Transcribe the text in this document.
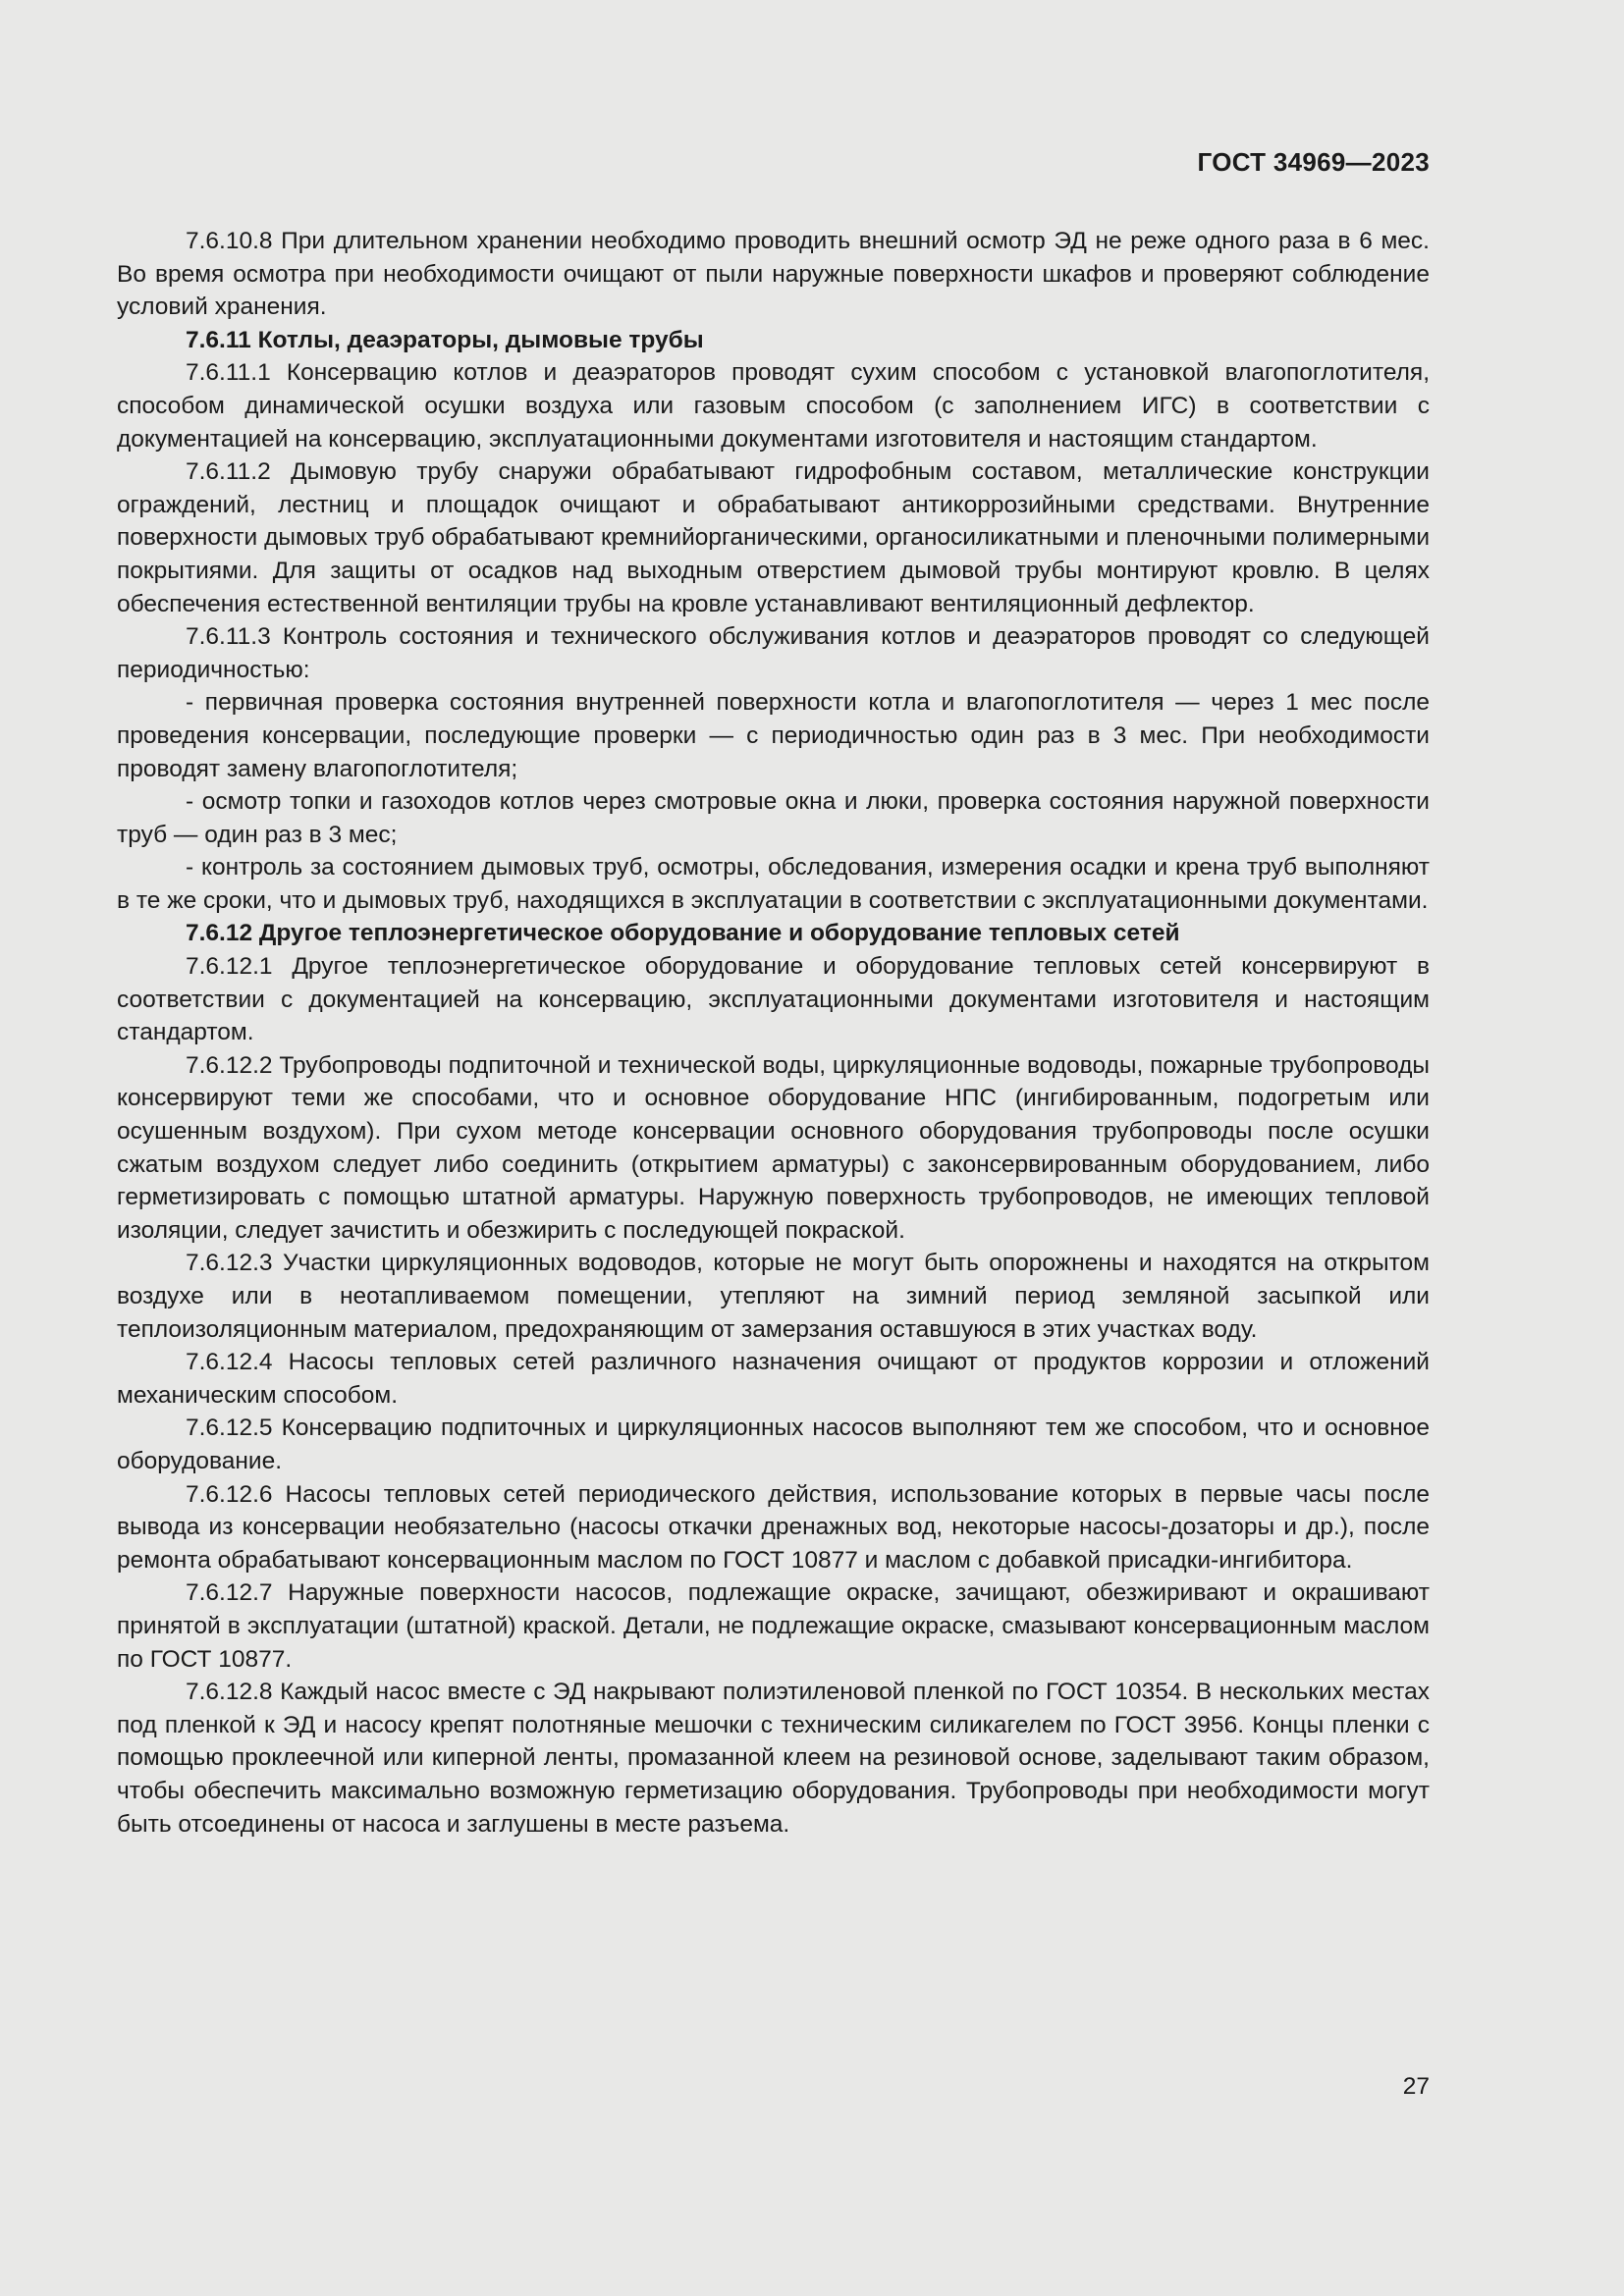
ГОСТ 34969—2023

7.6.10.8 При длительном хранении необходимо проводить внешний осмотр ЭД не реже одного раза в 6 мес. Во время осмотра при необходимости очищают от пыли наружные поверхности шкафов и проверяют соблюдение условий хранения.

7.6.11 Котлы, деаэраторы, дымовые трубы

7.6.11.1 Консервацию котлов и деаэраторов проводят сухим способом с установкой влагопоглотителя, способом динамической осушки воздуха или газовым способом (с заполнением ИГС) в соответствии с документацией на консервацию, эксплуатационными документами изготовителя и настоящим стандартом.

7.6.11.2 Дымовую трубу снаружи обрабатывают гидрофобным составом, металлические конструкции ограждений, лестниц и площадок очищают и обрабатывают антикоррозийными средствами. Внутренние поверхности дымовых труб обрабатывают кремнийорганическими, органосиликатными и пленочными полимерными покрытиями. Для защиты от осадков над выходным отверстием дымовой трубы монтируют кровлю. В целях обеспечения естественной вентиляции трубы на кровле устанавливают вентиляционный дефлектор.

7.6.11.3 Контроль состояния и технического обслуживания котлов и деаэраторов проводят со следующей периодичностью:

- первичная проверка состояния внутренней поверхности котла и влагопоглотителя — через 1 мес после проведения консервации, последующие проверки — с периодичностью один раз в 3 мес. При необходимости проводят замену влагопоглотителя;

- осмотр топки и газоходов котлов через смотровые окна и люки, проверка состояния наружной поверхности труб — один раз в 3 мес;

- контроль за состоянием дымовых труб, осмотры, обследования, измерения осадки и крена труб выполняют в те же сроки, что и дымовых труб, находящихся в эксплуатации в соответствии с эксплуатационными документами.

7.6.12 Другое теплоэнергетическое оборудование и оборудование тепловых сетей

7.6.12.1 Другое теплоэнергетическое оборудование и оборудование тепловых сетей консервируют в соответствии с документацией на консервацию, эксплуатационными документами изготовителя и настоящим стандартом.

7.6.12.2 Трубопроводы подпиточной и технической воды, циркуляционные водоводы, пожарные трубопроводы консервируют теми же способами, что и основное оборудование НПС (ингибированным, подогретым или осушенным воздухом). При сухом методе консервации основного оборудования трубопроводы после осушки сжатым воздухом следует либо соединить (открытием арматуры) с законсервированным оборудованием, либо герметизировать с помощью штатной арматуры. Наружную поверхность трубопроводов, не имеющих тепловой изоляции, следует зачистить и обезжирить с последующей покраской.

7.6.12.3 Участки циркуляционных водоводов, которые не могут быть опорожнены и находятся на открытом воздухе или в неотапливаемом помещении, утепляют на зимний период земляной засыпкой или теплоизоляционным материалом, предохраняющим от замерзания оставшуюся в этих участках воду.

7.6.12.4 Насосы тепловых сетей различного назначения очищают от продуктов коррозии и отложений механическим способом.

7.6.12.5 Консервацию подпиточных и циркуляционных насосов выполняют тем же способом, что и основное оборудование.

7.6.12.6 Насосы тепловых сетей периодического действия, использование которых в первые часы после вывода из консервации необязательно (насосы откачки дренажных вод, некоторые насосы-дозаторы и др.), после ремонта обрабатывают консервационным маслом по ГОСТ 10877 и маслом с добавкой присадки-ингибитора.

7.6.12.7 Наружные поверхности насосов, подлежащие окраске, зачищают, обезжиривают и окрашивают принятой в эксплуатации (штатной) краской. Детали, не подлежащие окраске, смазывают консервационным маслом по ГОСТ 10877.

7.6.12.8 Каждый насос вместе с ЭД накрывают полиэтиленовой пленкой по ГОСТ 10354. В нескольких местах под пленкой к ЭД и насосу крепят полотняные мешочки с техническим силикагелем по ГОСТ 3956. Концы пленки с помощью проклеечной или киперной ленты, промазанной клеем на резиновой основе, заделывают таким образом, чтобы обеспечить максимально возможную герметизацию оборудования. Трубопроводы при необходимости могут быть отсоединены от насоса и заглушены в месте разъема.

27
